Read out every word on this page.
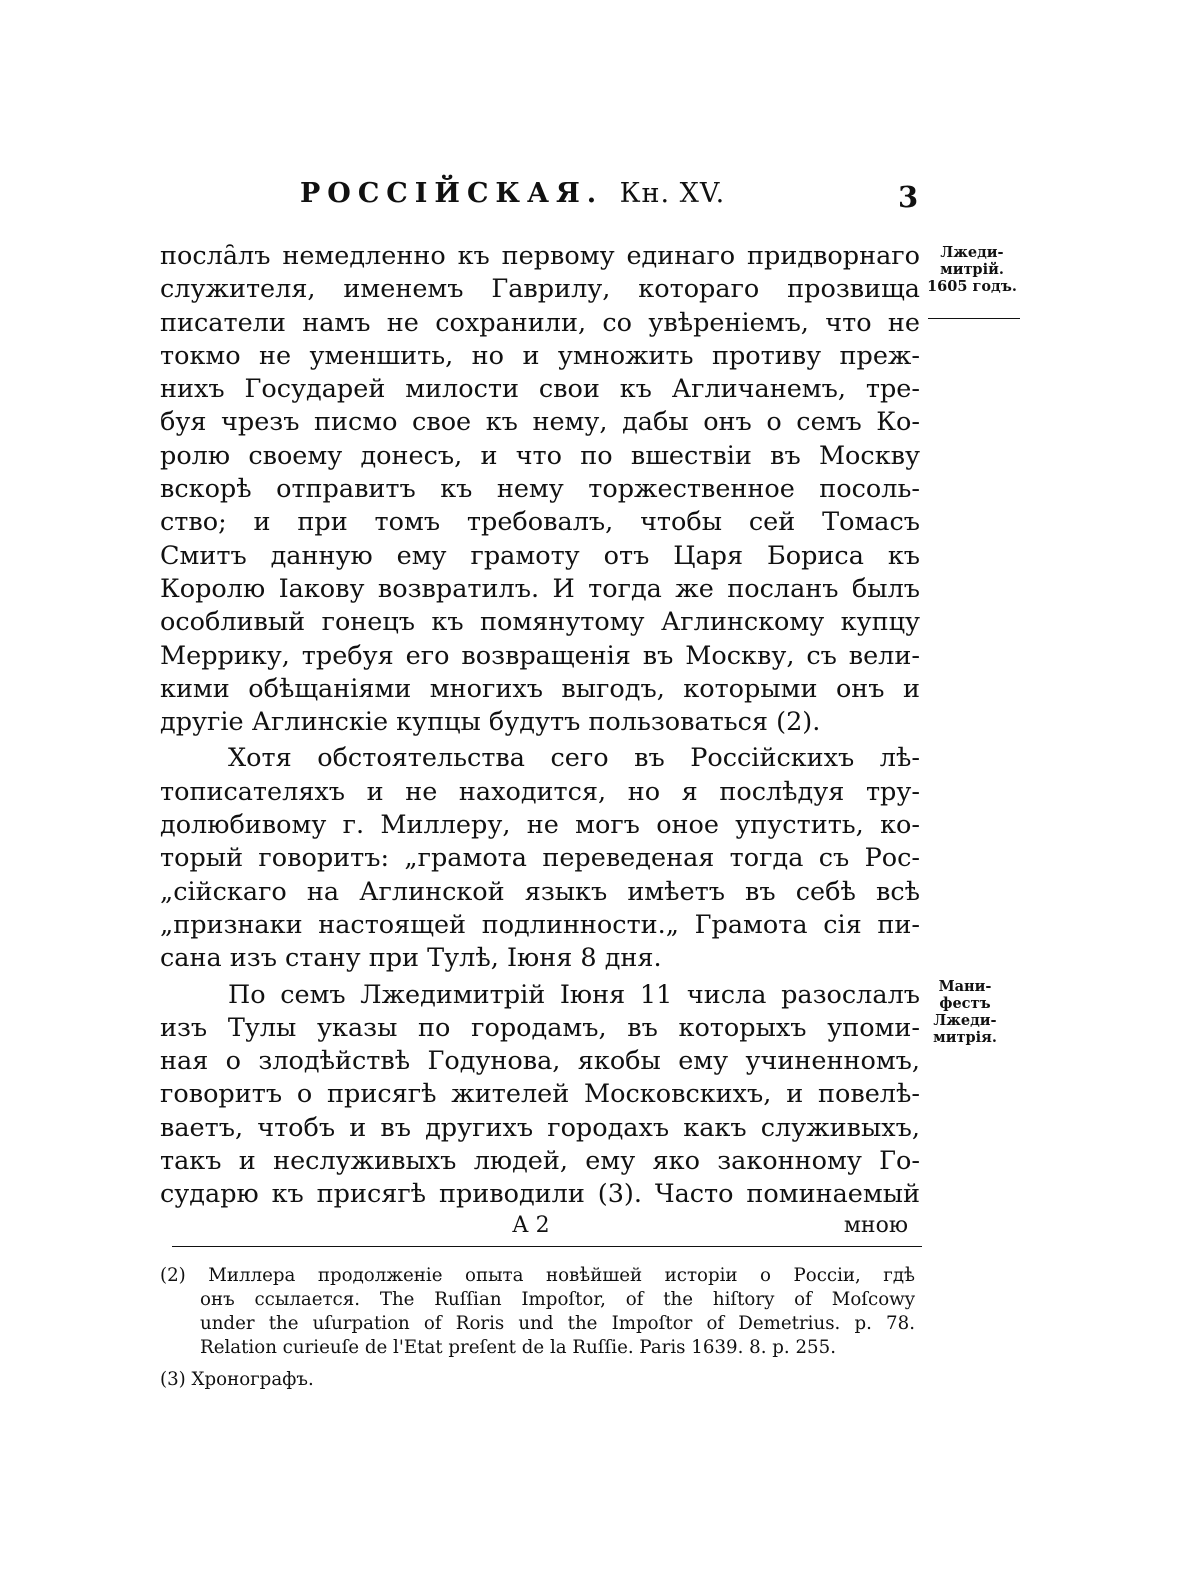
РОССІЙСКАЯ. Кн. XV.	3
Лжеди-
митрій.
1605 годъ.
Мани-
фестъ
Лжеди-
митрія.
посла̑лъ немедленно къ первому единаго придворнаго
служителя, именемъ Гаврилу, котораго прозвища
писатели намъ не сохранили, со увѣреніемъ, что не
токмо не уменшить, но и умножить противу преж-
нихъ Государей милости свои къ Агличанемъ, тре-
буя чрезъ писмо свое къ нему, дабы онъ о семъ Ко-
ролю своему донесъ, и что по вшествіи въ Москву
вскорѣ отправитъ къ нему торжественное посоль-
ство; и при томъ требовалъ, чтобы сей Томасъ
Смитъ данную ему грамоту отъ Царя Бориса къ
Королю Іакову возвратилъ. И тогда же посланъ былъ
особливый гонецъ къ помянутому Аглинскому купцу
Меррику, требуя его возвращенія въ Москву, съ вели-
кими обѣщаніями многихъ выгодъ, которыми онъ и
другіе Аглинскіе купцы будутъ пользоваться (2).
Хотя обстоятельства сего въ Россійскихъ лѣ-
тописателяхъ и не находится, но я послѣдуя тру-
долюбивому г. Миллеру, не могъ оное упустить, ко-
торый говоритъ: „грамота переведеная тогда съ Рос-
„сійскаго на Аглинской языкъ имѣетъ въ себѣ всѣ
„признаки настоящей подлинности.„ Грамота сія пи-
сана изъ стану при Тулѣ, Іюня 8 дня.
По семъ Лжедимитрій Іюня 11 числа разослалъ
изъ Тулы указы по городамъ, въ которыхъ упоми-
ная о злодѣйствѣ Годунова, якобы ему учиненномъ,
говоритъ о присягѣ жителей Московскихъ, и повелѣ-
ваетъ, чтобъ и въ другихъ городахъ какъ служивыхъ,
такъ и неслуживыхъ людей, ему яко законному Го-
сударю къ присягѣ приводили (3). Часто поминаемый
А 2	мною
(2) Миллера продолженіе опыта новѣйшей исторіи о Россіи, гдѣ
онъ ссылается. The Ruſſian Impoſtor, of the hiſtory of Moſcowy
under the uſurpation of Roris und the Impoſtor of Demetrius. p. 78.
Relation curieuſe de l'Etat preſent de la Ruſſie. Paris 1639. 8. p. 255.
(3) Хронографъ.
